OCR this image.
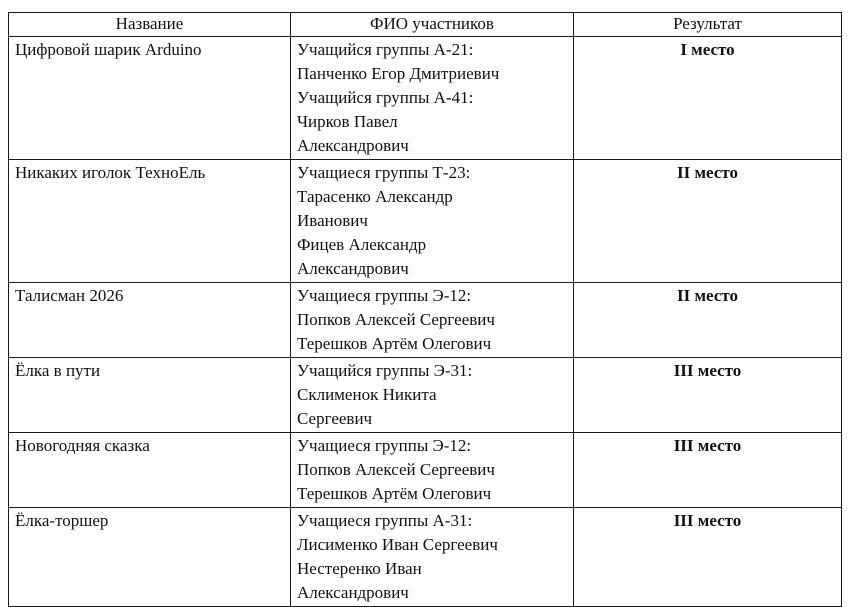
Название	ФИО участников	Результат
Цифровой шарик Arduino	Учащийся группы А-21:
Панченко Егор Дмитриевич
Учащийся группы А-41:
Чирков Павел
Александрович	I место
Никаких иголок ТехноЕль	Учащиеся группы Т-23:
Тарасенко Александр
Иванович
Фицев Александр
Александрович	II место
Талисман 2026	Учащиеся группы Э-12:
Попков Алексей Сергеевич
Терешков Артём Олегович	II место
Ёлка в пути	Учащийся группы Э-31:
Склименок Никита
Сергеевич	III место
Новогодняя сказка	Учащиеся группы Э-12:
Попков Алексей Сергеевич
Терешков Артём Олегович	III место
Ёлка-торшер	Учащиеся группы А-31:
Лисименко Иван Сергеевич
Нестеренко Иван
Александрович	III место
